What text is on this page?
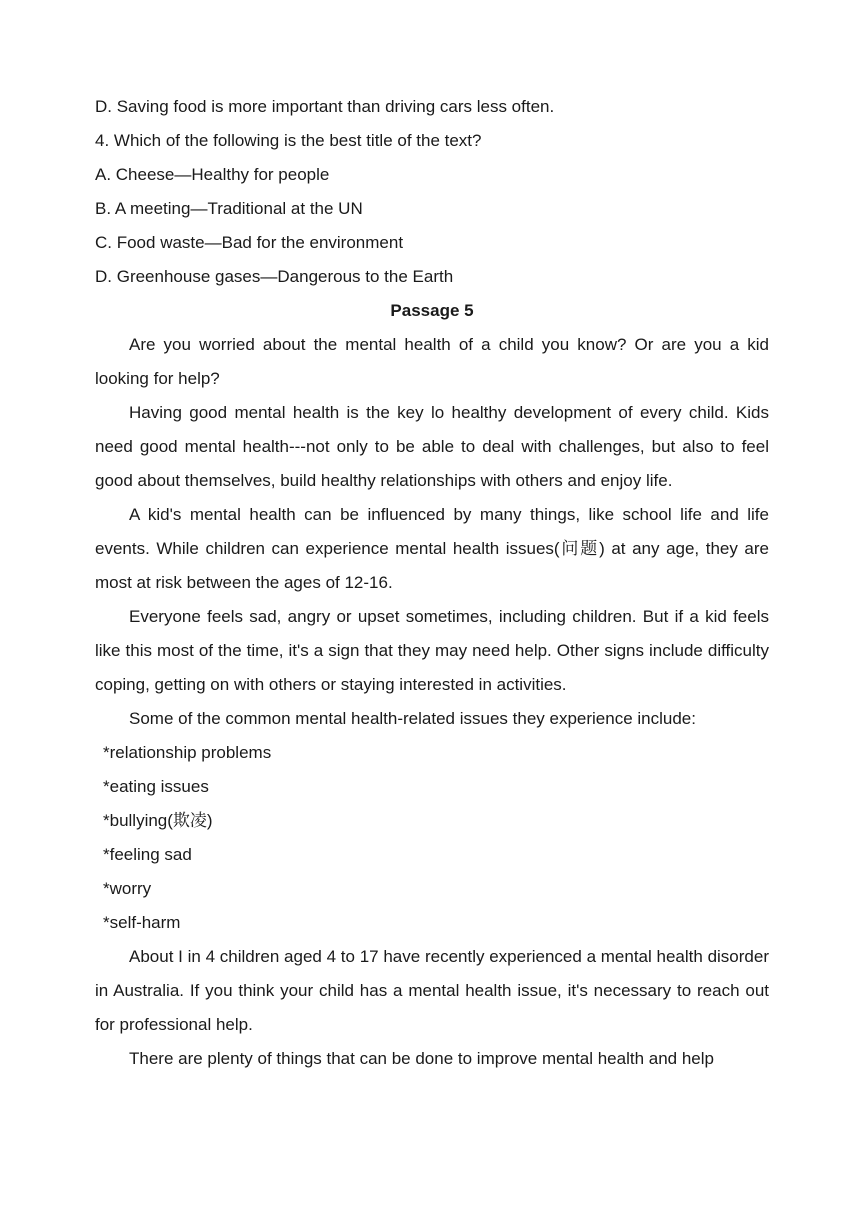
D. Saving food is more important than driving cars less often.

4. Which of the following is the best title of the text?

A. Cheese—Healthy for people

B. A meeting—Traditional at the UN

C. Food waste—Bad for the environment

D. Greenhouse gases—Dangerous to the Earth

Passage 5

Are you worried about the mental health of a child you know? Or are you a kid looking for help?

Having good mental health is the key lo healthy development of every child. Kids need good mental health---not only to be able to deal with challenges, but also to feel good about themselves, build healthy relationships with others and enjoy life.

A kid's mental health can be influenced by many things, like school life and life events. While children can experience mental health issues(问题) at any age, they are most at risk between the ages of 12-16.

Everyone feels sad, angry or upset sometimes, including children. But if a kid feels like this most of the time, it's a sign that they may need help. Other signs include difficulty coping, getting on with others or staying interested in activities.

Some of the common mental health-related issues they experience include:

*relationship problems

*eating issues

*bullying(欺凌)

*feeling sad

*worry

*self-harm

About I in 4 children aged 4 to 17 have recently experienced a mental health disorder in Australia. If you think your child has a mental health issue, it's necessary to reach out for professional help.

There are plenty of things that can be done to improve mental health and help
